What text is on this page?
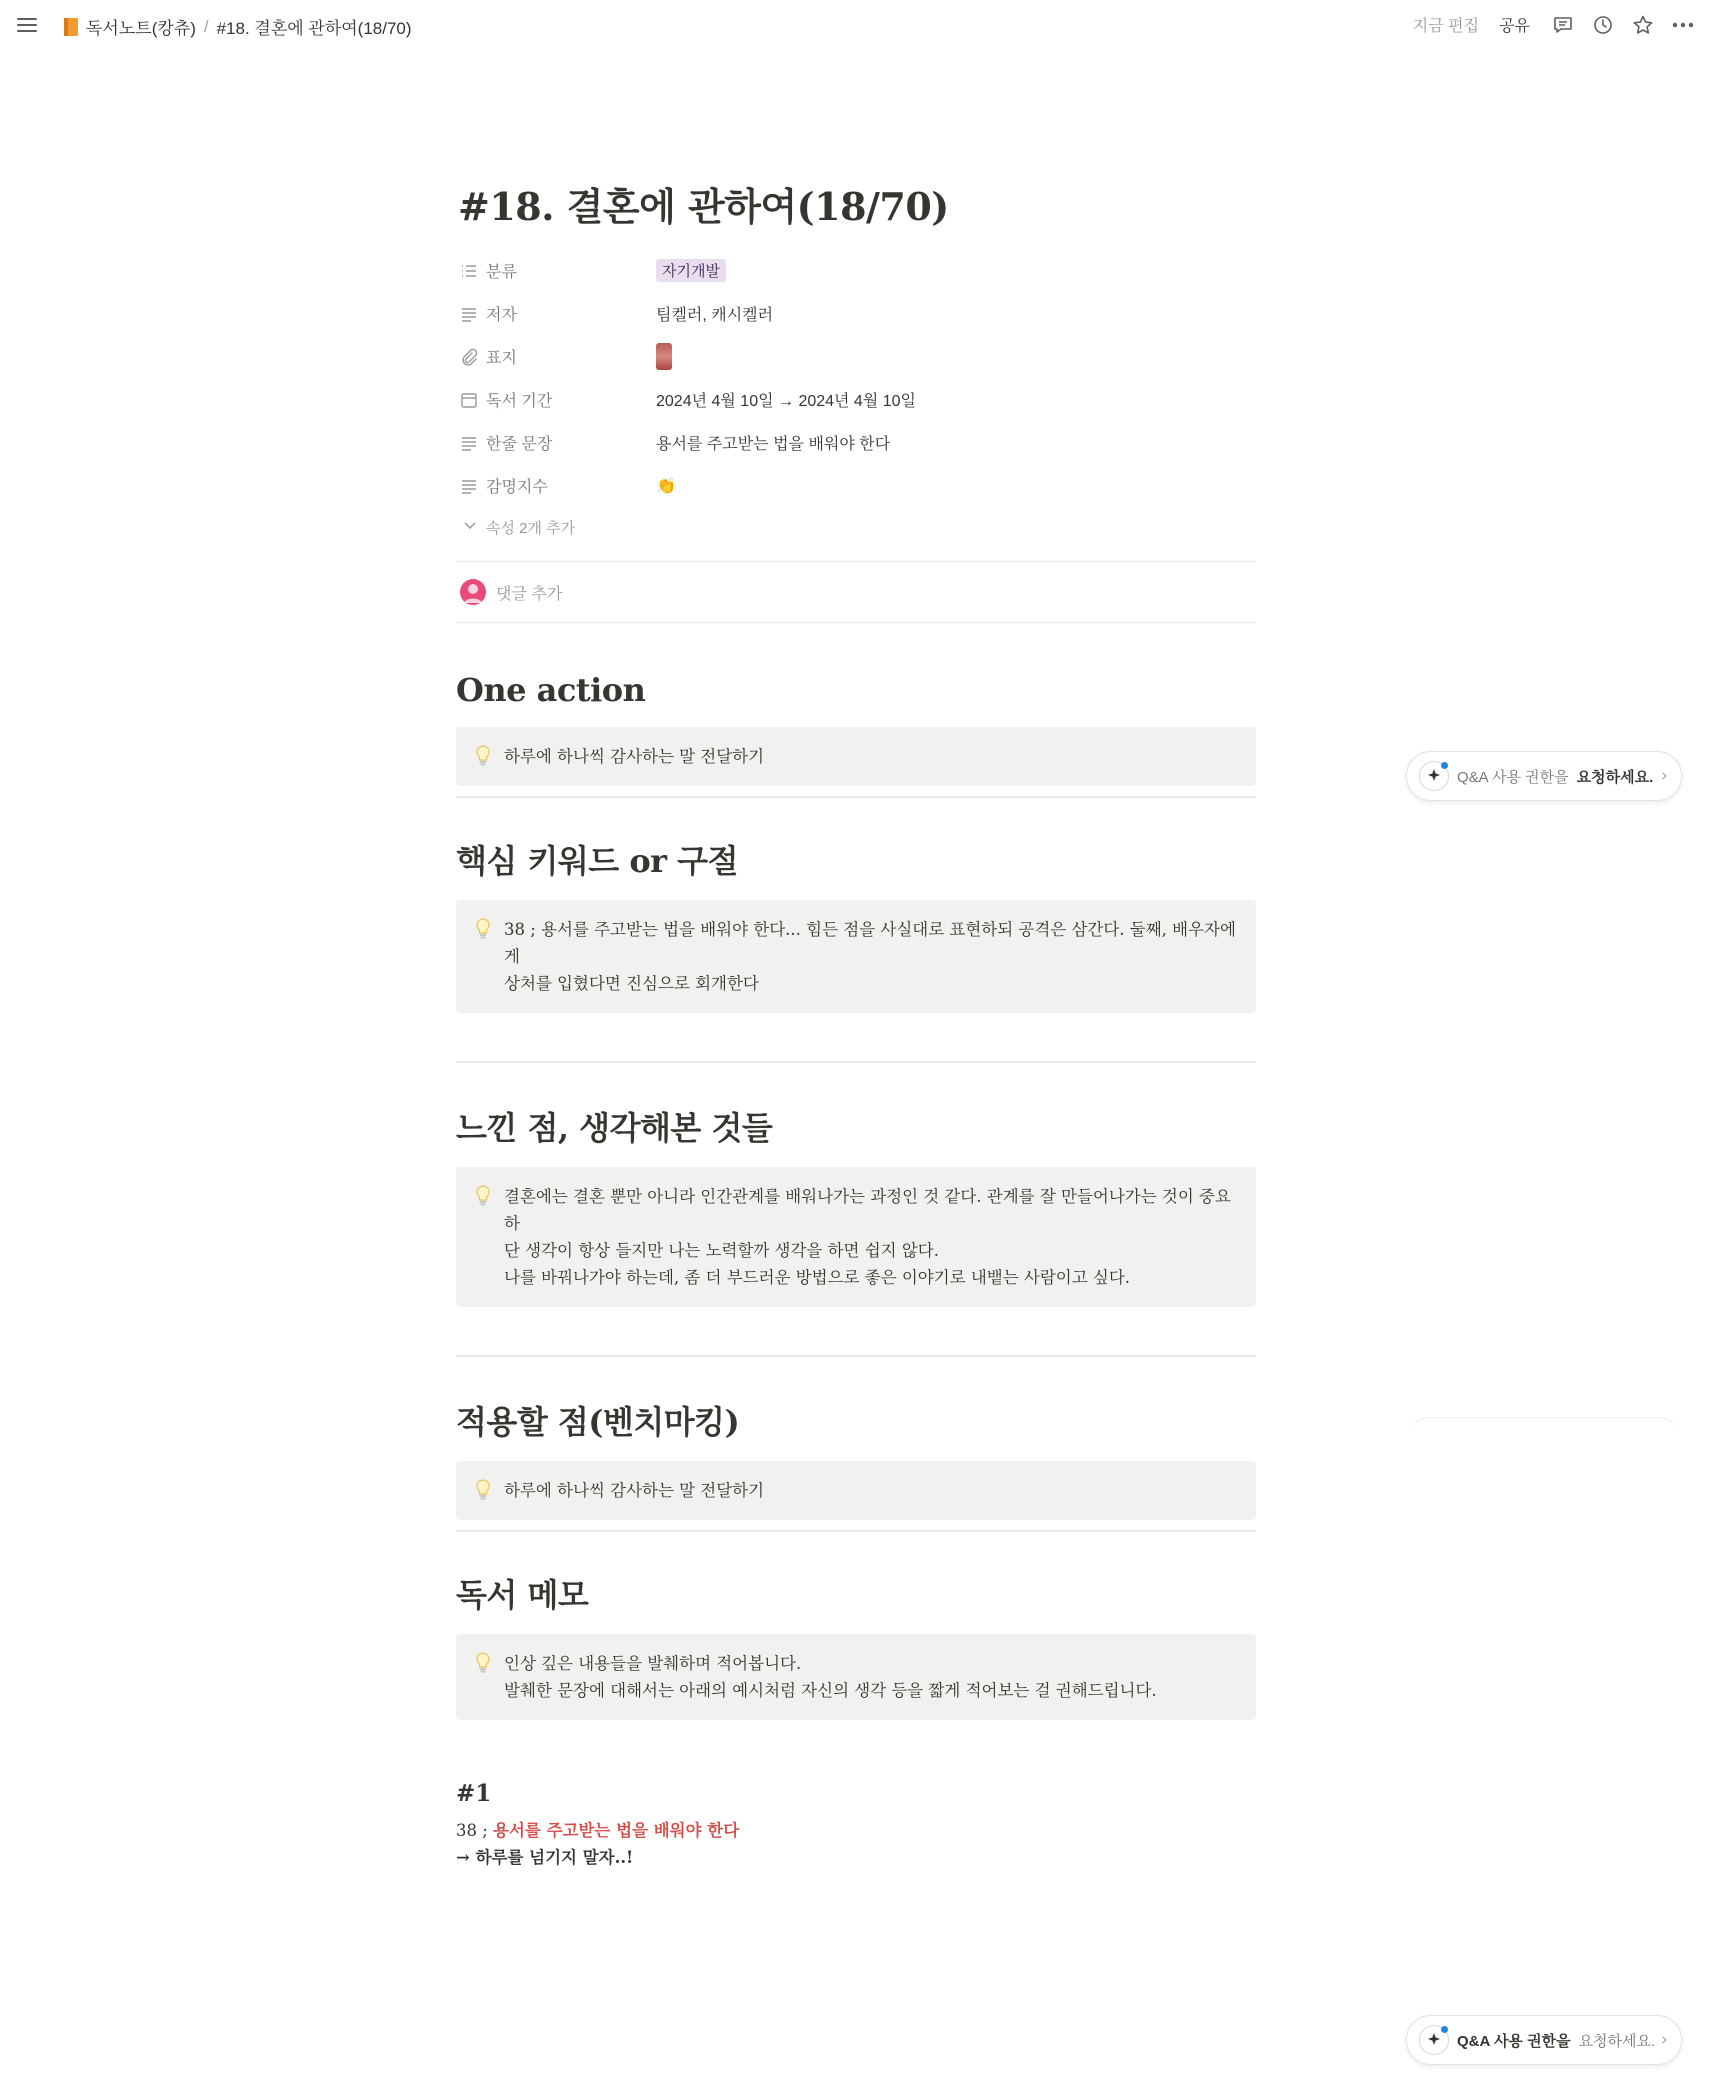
독서노트(캉츄) / #18. 결혼에 관하여(18/70)	지금 편집	공유
#18. 결혼에 관하여(18/70)
분류	자기개발
저자	팀켈러, 캐시켈러
표지
독서 기간	2024년 4월 10일 → 2024년 4월 10일
한줄 문장	용서를 주고받는 법을 배워야 한다
감명지수	👏
속성 2개 추가
댓글 추가
One action
하루에 하나씩 감사하는 말 전달하기
핵심 키워드 or 구절
38 ; 용서를 주고받는 법을 배워야 한다... 힘든 점을 사실대로 표현하되 공격은 삼간다. 둘째, 배우자에게
상처를 입혔다면 진심으로 회개한다
느낀 점, 생각해본 것들
결혼에는 결혼 뿐만 아니라 인간관계를 배워나가는 과정인 것 같다. 관계를 잘 만들어나가는 것이 중요하
단 생각이 항상 들지만 나는 노력할까 생각을 하면 쉽지 않다.
나를 바꿔나가야 하는데, 좀 더 부드러운 방법으로 좋은 이야기로 내뱉는 사람이고 싶다.
적용할 점(벤치마킹)
하루에 하나씩 감사하는 말 전달하기
독서 메모
인상 깊은 내용들을 발췌하며 적어봅니다.
발췌한 문장에 대해서는 아래의 예시처럼 자신의 생각 등을 짧게 적어보는 걸 권해드립니다.
#1
38 ; 용서를 주고받는 법을 배워야 한다
→ 하루를 넘기지 말자..!
Q&A 사용 권한을 요청하세요. ›
Q&A 사용 권한을 요청하세요. ›
